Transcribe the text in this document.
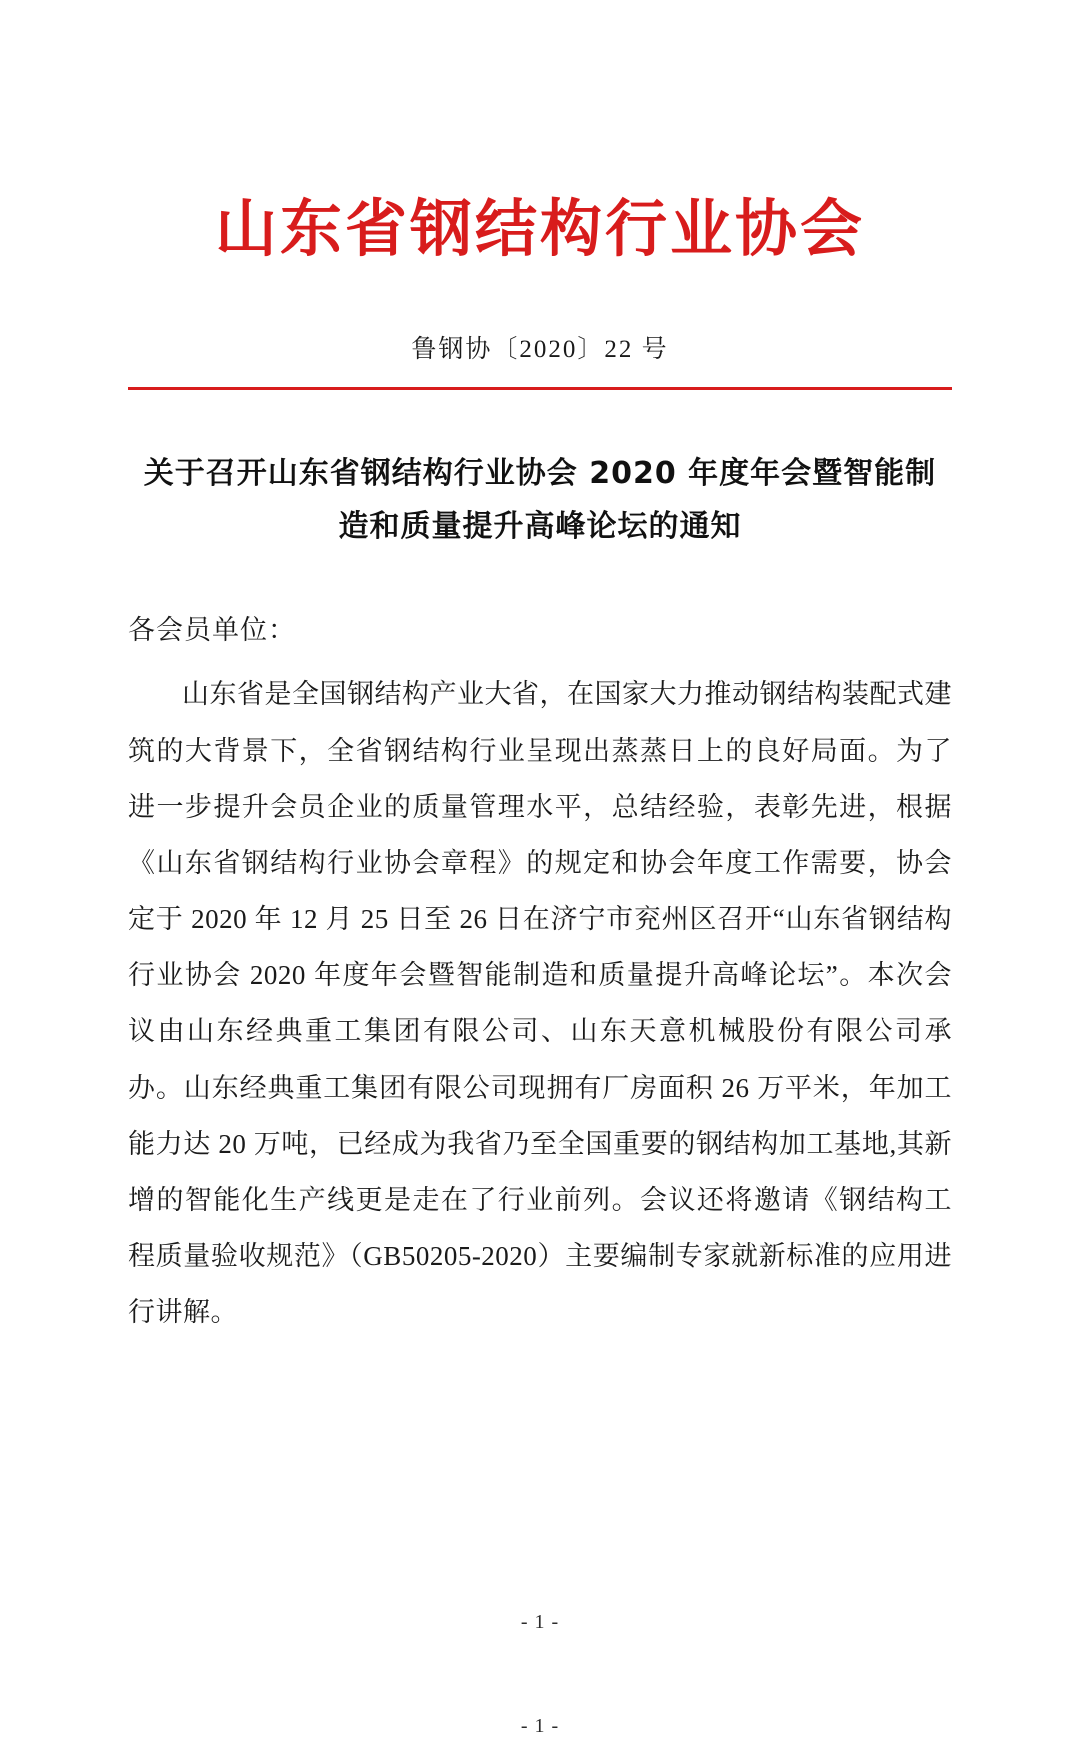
山东省钢结构行业协会
鲁钢协〔2020〕22 号
关于召开山东省钢结构行业协会 2020 年度年会暨智能制造和质量提升高峰论坛的通知
各会员单位：
山东省是全国钢结构产业大省，在国家大力推动钢结构装配式建筑的大背景下，全省钢结构行业呈现出蒸蒸日上的良好局面。为了进一步提升会员企业的质量管理水平，总结经验，表彰先进，根据《山东省钢结构行业协会章程》的规定和协会年度工作需要，协会定于 2020 年 12 月 25 日至 26 日在济宁市兖州区召开“山东省钢结构行业协会 2020 年度年会暨智能制造和质量提升高峰论坛”。本次会议由山东经典重工集团有限公司、山东天意机械股份有限公司承办。山东经典重工集团有限公司现拥有厂房面积 26 万平米，年加工能力达 20 万吨，已经成为我省乃至全国重要的钢结构加工基地,其新增的智能化生产线更是走在了行业前列。会议还将邀请《钢结构工程质量验收规范》（GB50205-2020）主要编制专家就新标准的应用进行讲解。
- 1 -
- 1 -
